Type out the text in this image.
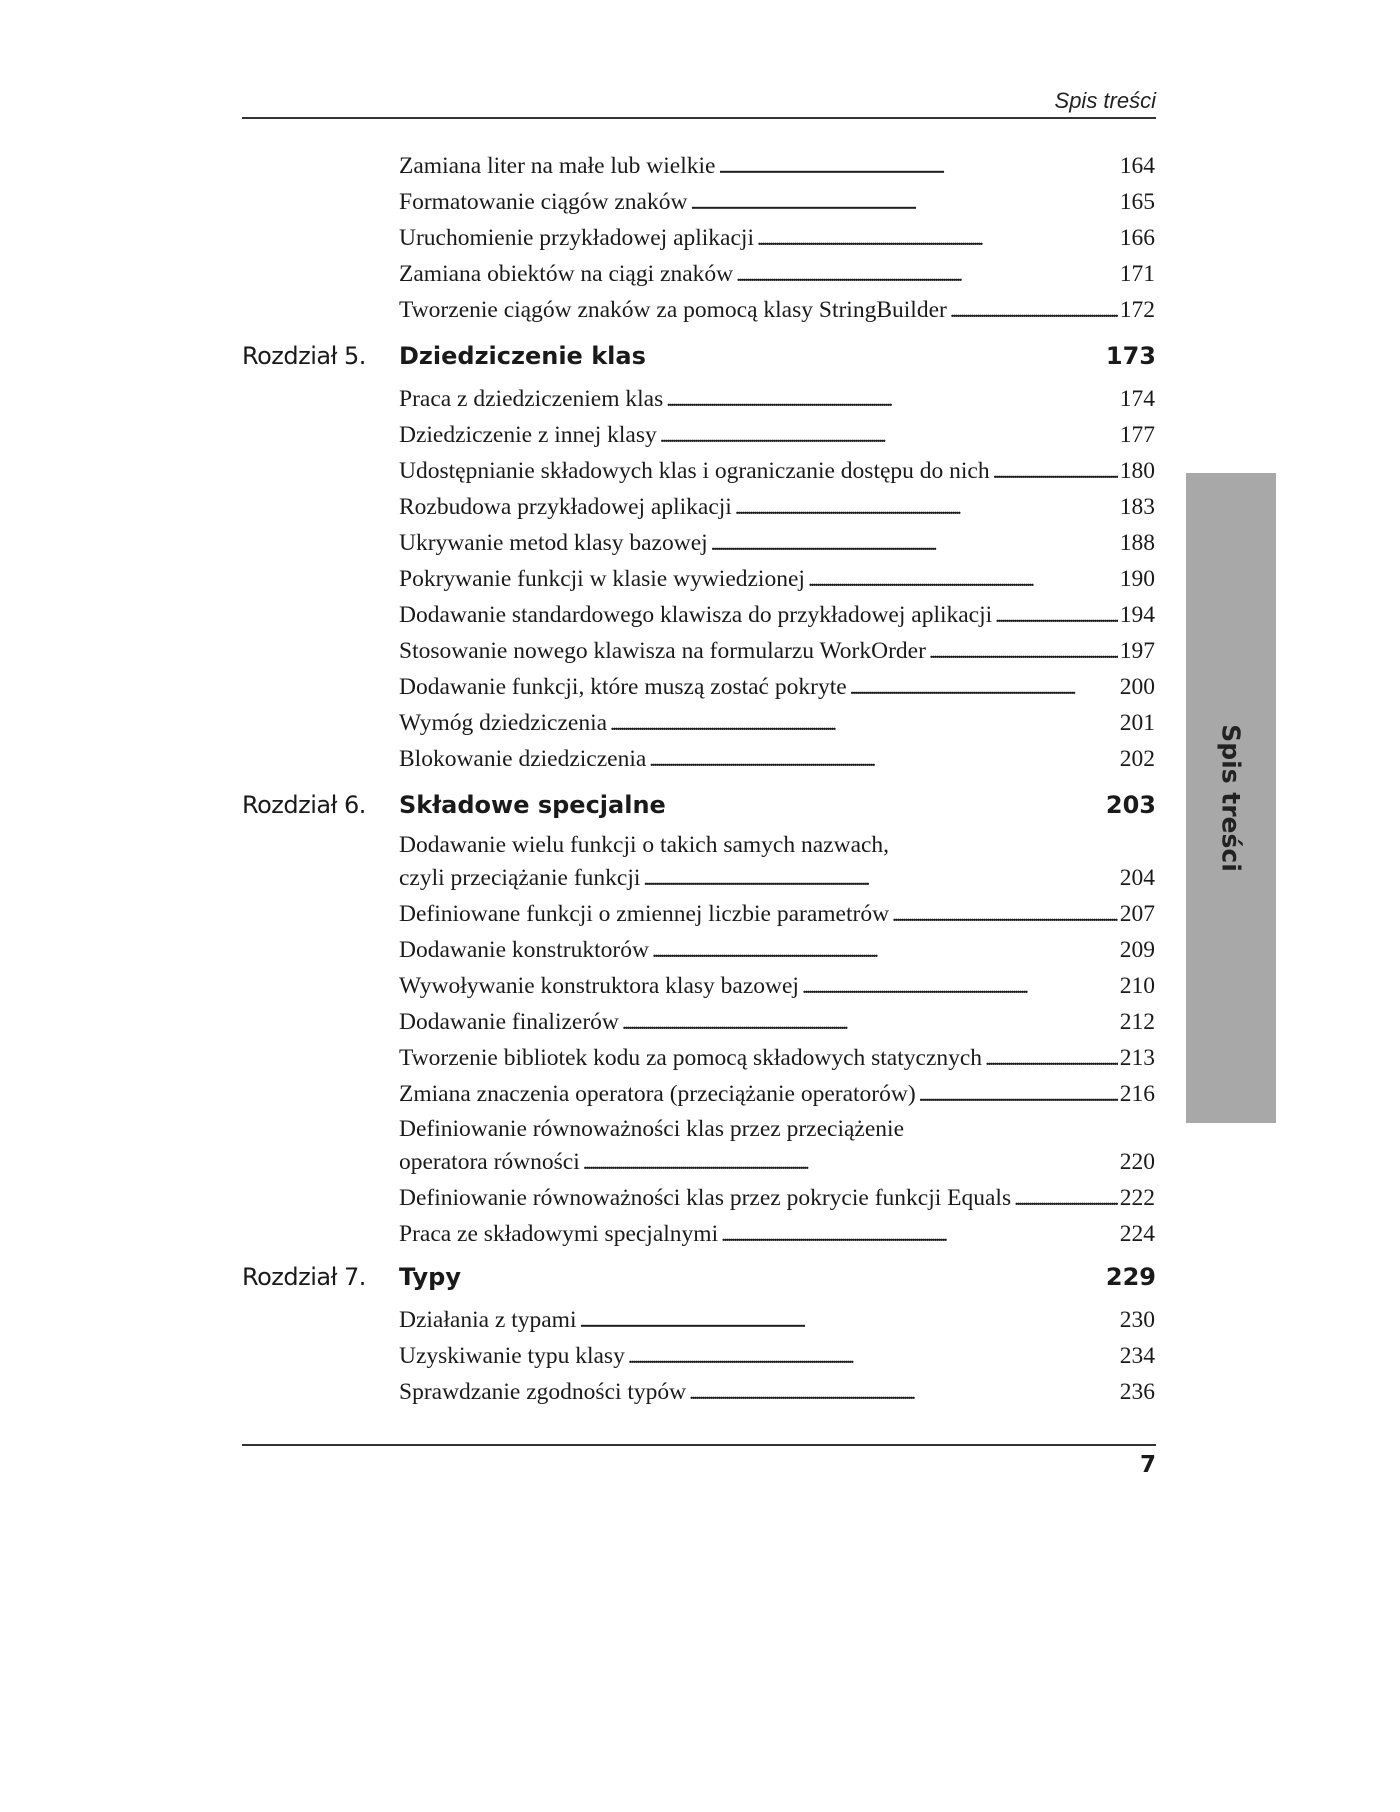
Spis treści
Zamiana liter na małe lub wielkie . . .	164
Formatowanie ciągów znaków . . .	165
Uruchomienie przykładowej aplikacji . . .	166
Zamiana obiektów na ciągi znaków . . .	171
Tworzenie ciągów znaków za pomocą klasy StringBuilder . . .	172
Rozdział 5. Dziedziczenie klas	173
Praca z dziedziczeniem klas . . .	174
Dziedziczenie z innej klasy . . .	177
Udostępnianie składowych klas i ograniczanie dostępu do nich . . .	180
Rozbudowa przykładowej aplikacji . . .	183
Ukrywanie metod klasy bazowej . . .	188
Pokrywanie funkcji w klasie wywiedzionej . . .	190
Dodawanie standardowego klawisza do przykładowej aplikacji . . .	194
Stosowanie nowego klawisza na formularzu WorkOrder . . .	197
Dodawanie funkcji, które muszą zostać pokryte . . .	200
Wymóg dziedziczenia . . .	201
Blokowanie dziedziczenia . . .	202
Rozdział 6. Składowe specjalne	203
Dodawanie wielu funkcji o takich samych nazwach,
czyli przeciążanie funkcji . . .	204
Definiowane funkcji o zmiennej liczbie parametrów . . .	207
Dodawanie konstruktorów . . .	209
Wywoływanie konstruktora klasy bazowej . . .	210
Dodawanie finalizerów . . .	212
Tworzenie bibliotek kodu za pomocą składowych statycznych . . .	213
Zmiana znaczenia operatora (przeciążanie operatorów) . . .	216
Definiowanie równoważności klas przez przeciążenie
operatora równości . . .	220
Definiowanie równoważności klas przez pokrycie funkcji Equals . . .	222
Praca ze składowymi specjalnymi . . .	224
Rozdział 7. Typy	229
Działania z typami . . .	230
Uzyskiwanie typu klasy . . .	234
Sprawdzanie zgodności typów . . .	236
Spis treści
7
